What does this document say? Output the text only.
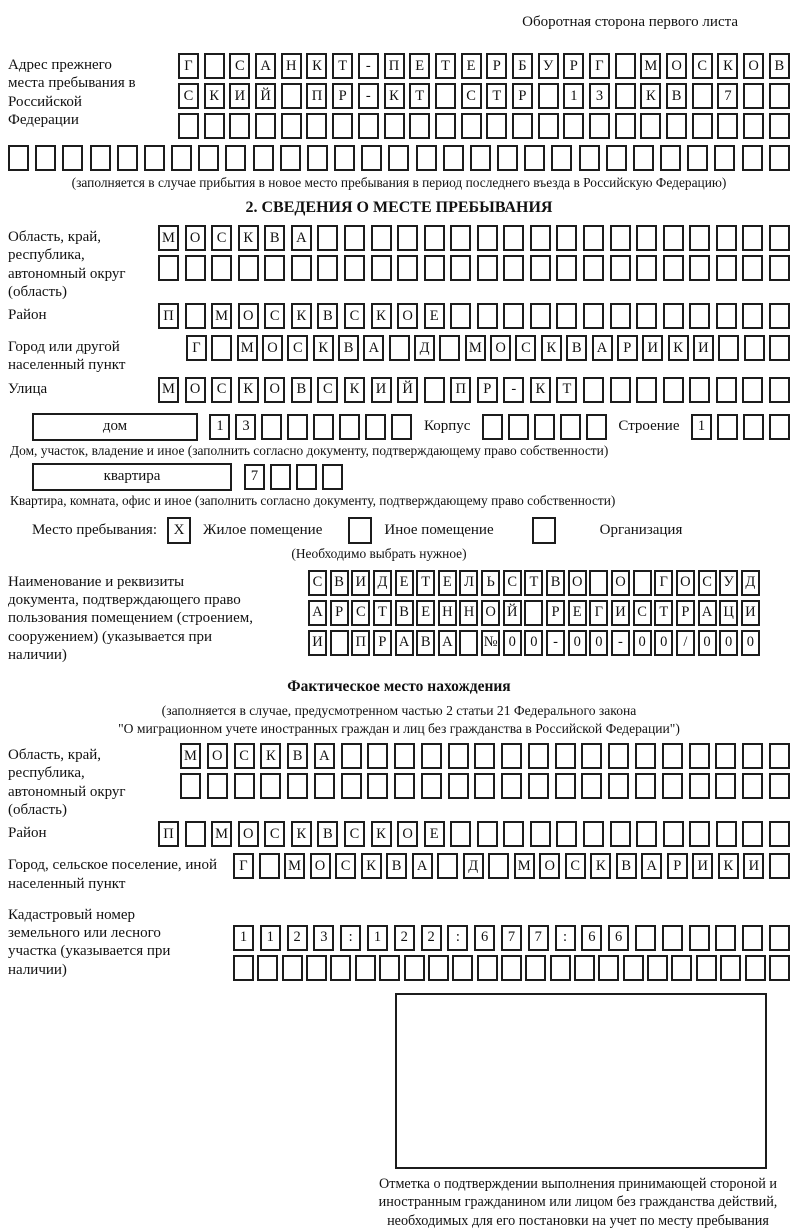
Оборотная сторона первого листа
Адрес прежнего места пребывания в Российской Федерации
Г	С	А	Н	К	Т	-	П	Е	Т	Е	Р	Б	У	Р	Г	М О	С	К	О	В
С	К	И	Й	П	Р	-	К	Т	С	Т	Р	1	3	К	В	7
(заполняется в случае прибытия в новое место пребывания в период последнего въезда в Российскую Федерацию)
2. СВЕДЕНИЯ О МЕСТЕ ПРЕБЫВАНИЯ
Область, край, республика, автономный округ (область)
М	О	С	К	В	А
Район	П	М	О	С	К	В	С	К	О	Е
Город или другой населенный пункт
Г	М О	С	К	В	А	Д	М О	С	К	В	А	Р	И	К	И
Улица	М	О	С	К	О	В	С	К	И	Й	П	Р	-	К	Т
дом	1	3	Корпус	Строение	1
Дом, участок, владение и иное (заполнить согласно документу, подтверждающему право собственности)
квартира	7
Квартира, комната, офис и иное (заполнить согласно документу, подтверждающему право собственности)
Место пребывания:	X	Жилое помещение	Иное помещение	Организация
(Необходимо выбрать нужное)
Наименование и реквизиты документа, подтверждающего право пользования помещением (строением, сооружением) (указывается при наличии)
С В И Д Е Т Е Л Ь С Т В О О	Г О С У Д
А Р С Т В Е Н Н О Й	Р Е Г И С Т Р А Ц И
И П Р А В А № 0 0	-	0 0	-	0 0	/	0 0 0
Фактическое место нахождения
(заполняется в случае, предусмотренном частью 2 статьи 21 Федерального закона
"О миграционном учете иностранных граждан и лиц без гражданства в Российской Федерации")
Область, край, республика, автономный округ (область)
М	О	С	К	В	А
Район	П	М	О	С	К	В	С	К	О	Е
Город, сельское поселение, иной населенный пункт
Г	М О	С	К	В	А	Д	М О	С	К	В	А	Р	И	К	И
Кадастровый номер земельного или лесного участка (указывается при наличии)
1	1	2	3	:	1	2	2	:	6	7	7	:	6	6
Отметка о подтверждении выполнения принимающей стороной и иностранным гражданином или лицом без гражданства действий, необходимых для его постановки на учет по месту пребывания
